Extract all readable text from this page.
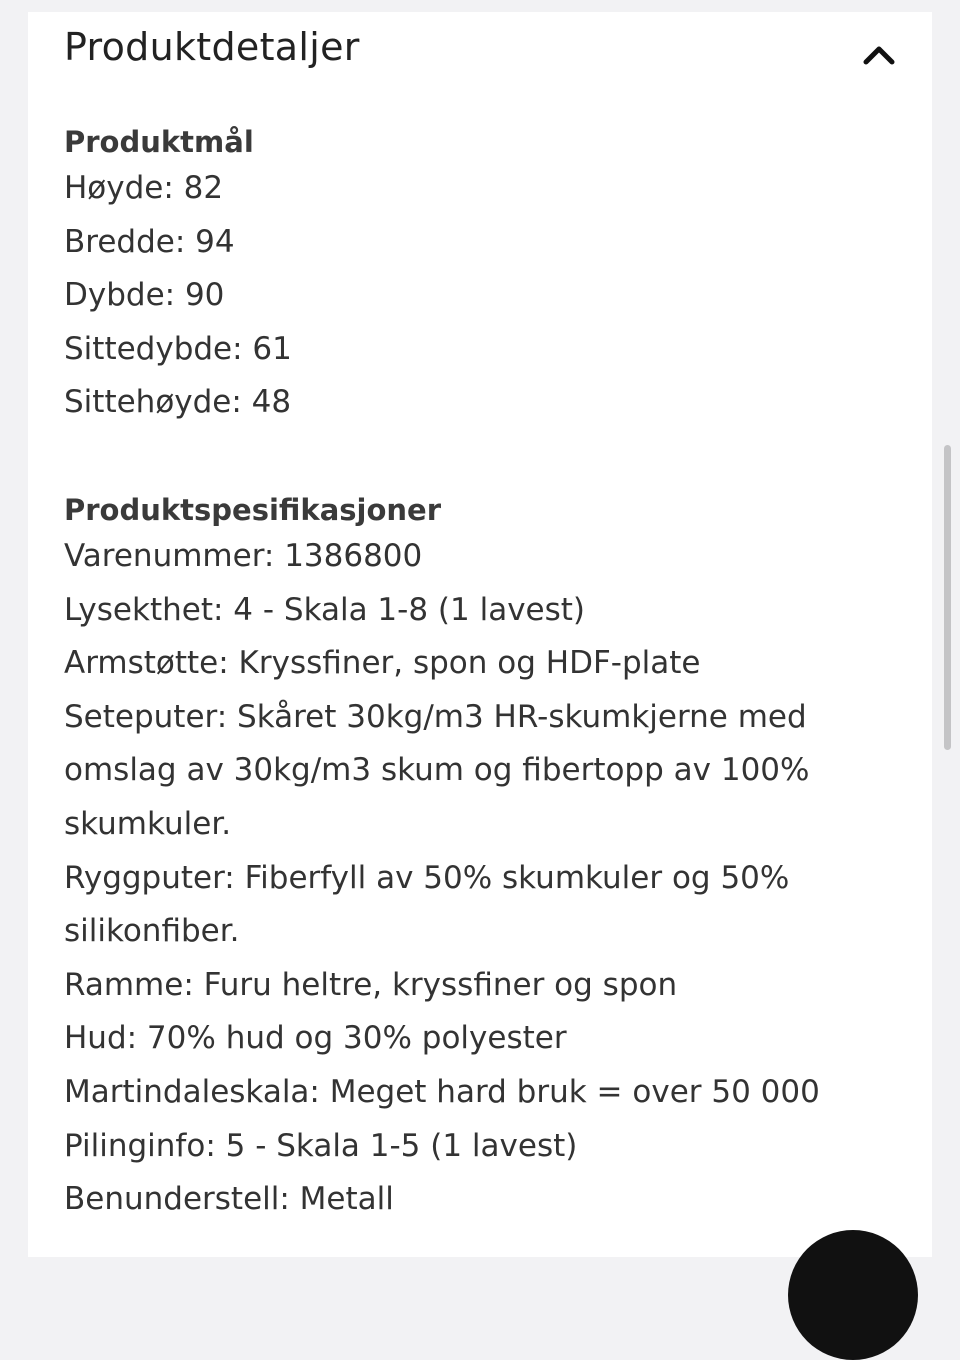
Produktdetaljer
Produktmål

Høyde: 82

Bredde: 94

Dybde: 90

Sittedybde: 61

Sittehøyde: 48

Produktspesifikasjoner

Varenummer: 1386800

Lysekthet: 4 - Skala 1-8 (1 lavest)

Armstøtte: Kryssfiner, spon og HDF-plate

Seteputer: Skåret 30kg/m3 HR-skumkjerne med omslag av 30kg/m3 skum og fibertopp av 100% skumkuler.

Ryggputer: Fiberfyll av 50% skumkuler og 50% silikonfiber.

Ramme: Furu heltre, kryssfiner og spon

Hud: 70% hud og 30% polyester

Martindaleskala: Meget hard bruk = over 50 000

Pilinginfo: 5 - Skala 1-5 (1 lavest)

Benunderstell: Metall
